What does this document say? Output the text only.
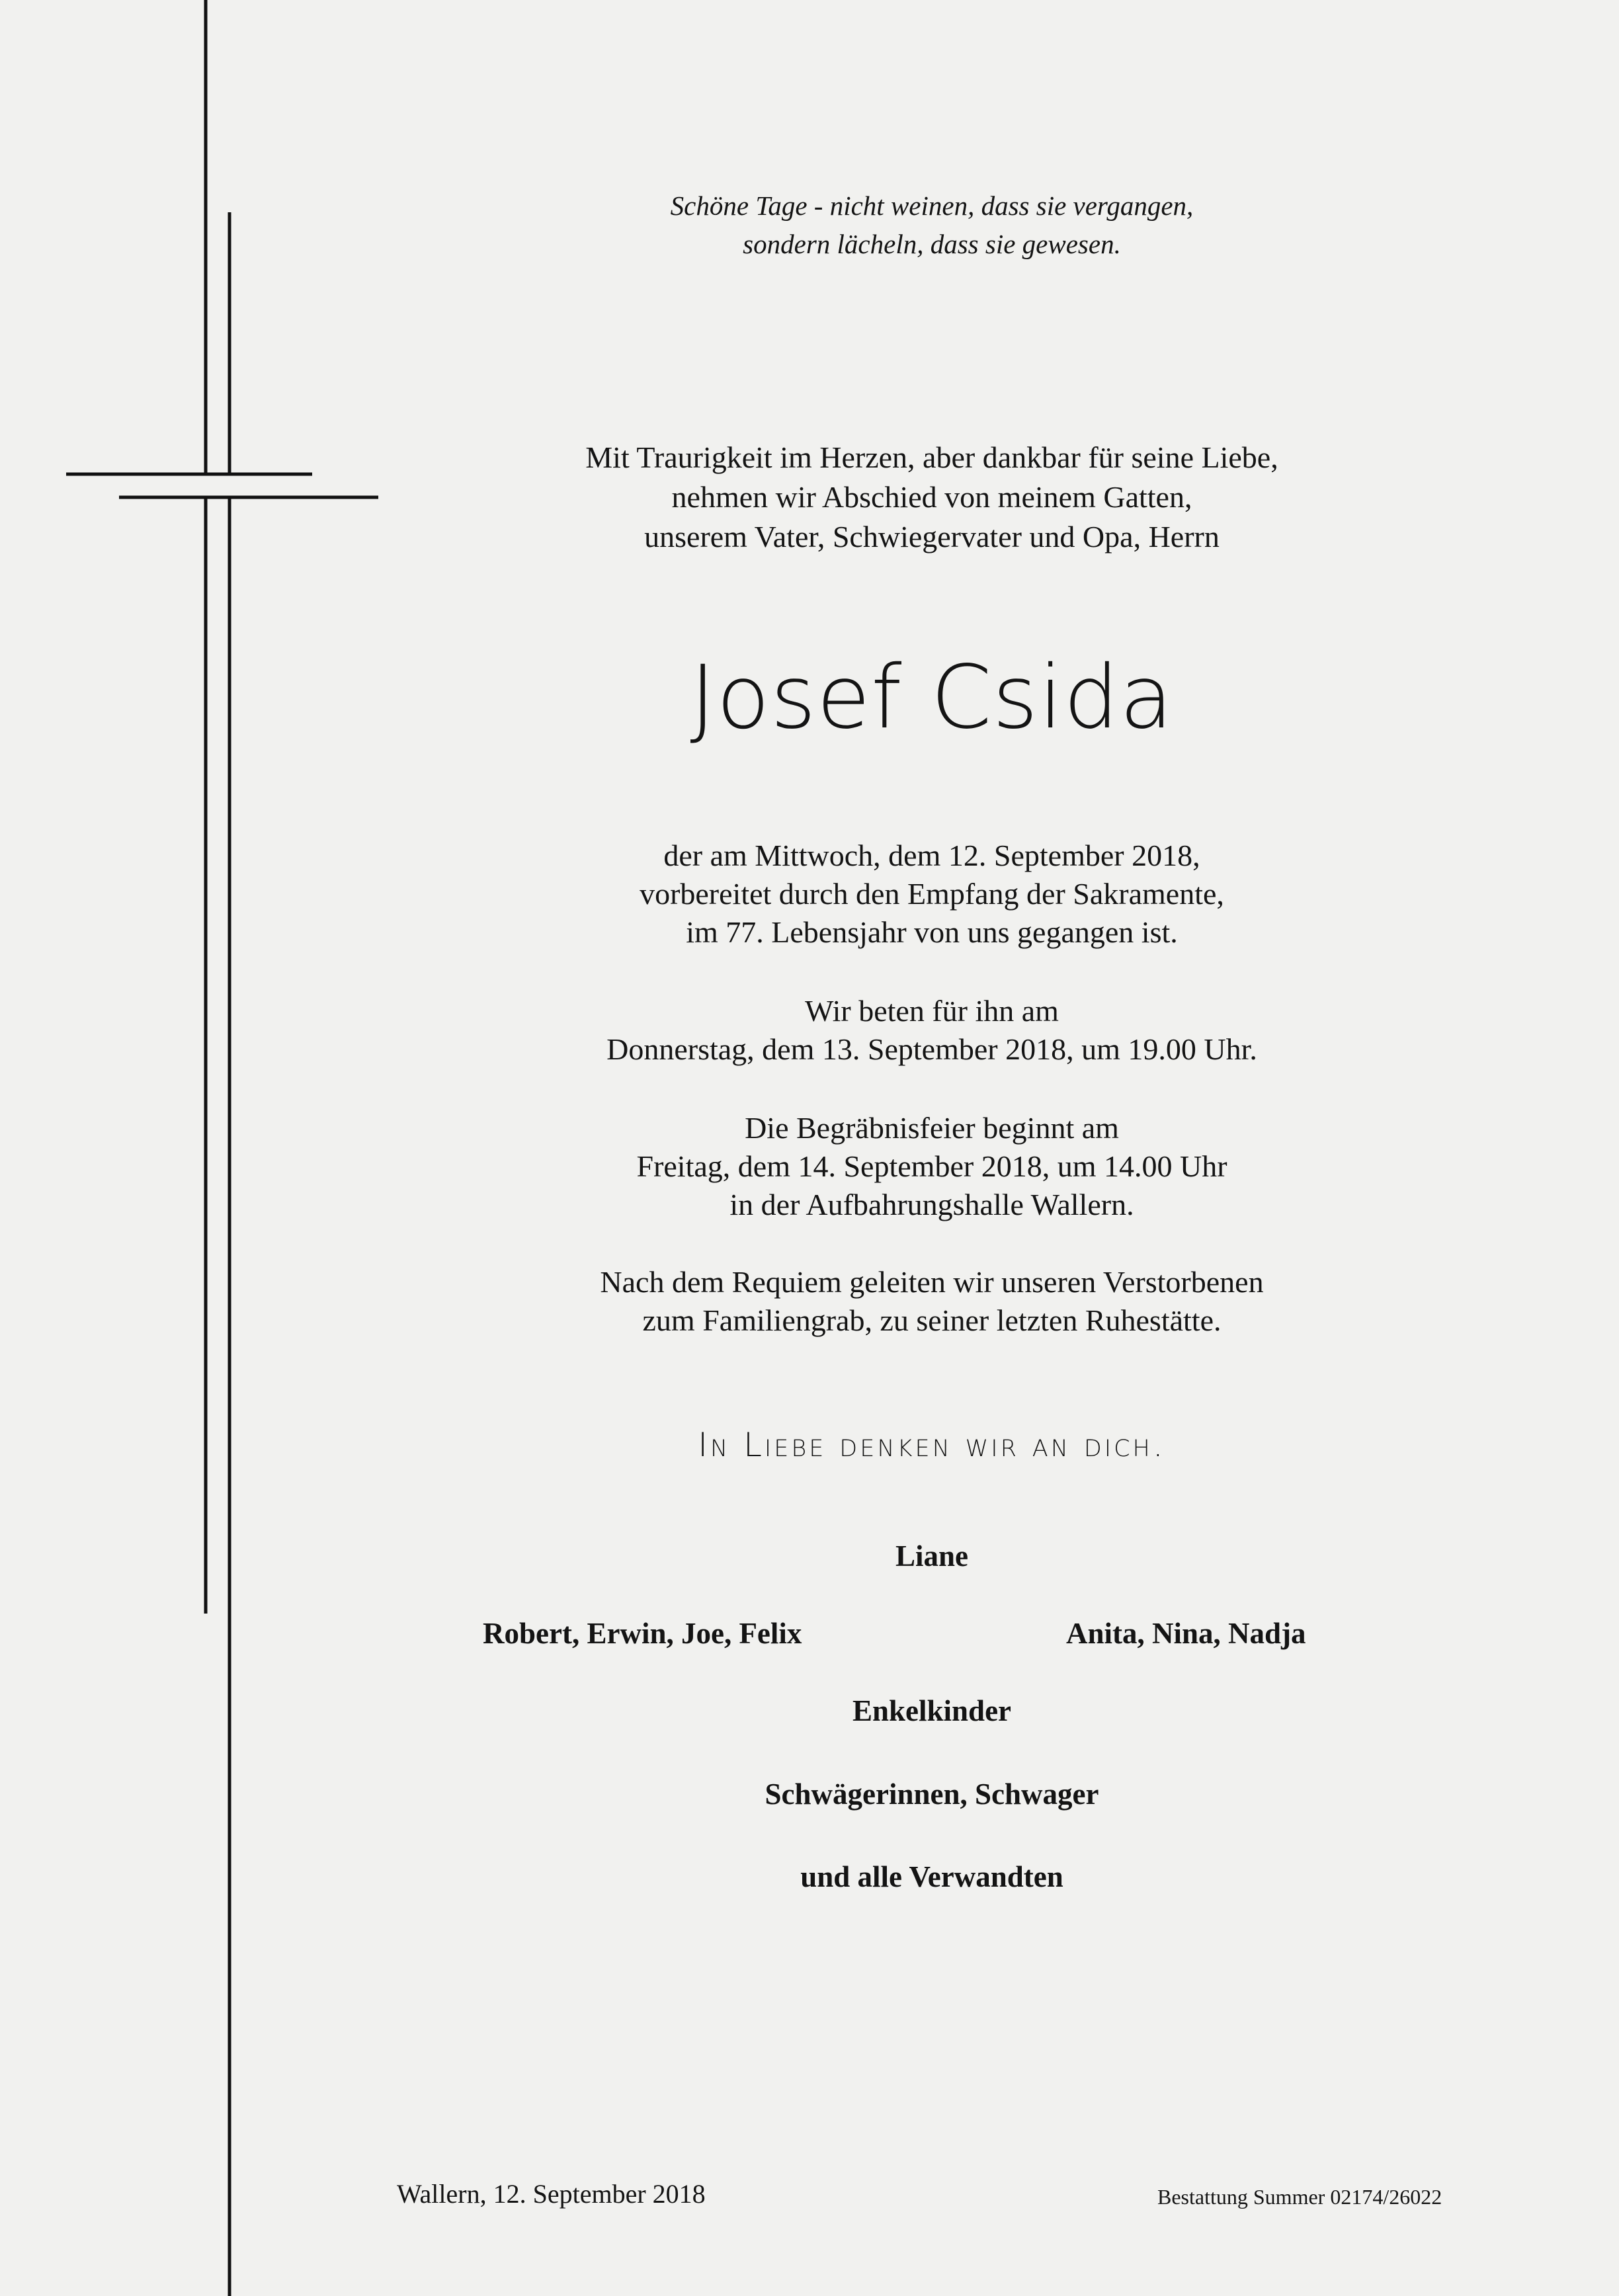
Schöne Tage - nicht weinen, dass sie vergangen,
sondern lächeln, dass sie gewesen.
Mit Traurigkeit im Herzen, aber dankbar für seine Liebe,
nehmen wir Abschied von meinem Gatten,
unserem Vater, Schwiegervater und Opa, Herrn
Josef Csida
der am Mittwoch, dem 12. September 2018,
vorbereitet durch den Empfang der Sakramente,
im 77. Lebensjahr von uns gegangen ist.
Wir beten für ihn am
Donnerstag, dem 13. September 2018, um 19.00 Uhr.
Die Begräbnisfeier beginnt am
Freitag, dem 14. September 2018, um 14.00 Uhr
in der Aufbahrungshalle Wallern.
Nach dem Requiem geleiten wir unseren Verstorbenen
zum Familiengrab, zu seiner letzten Ruhestätte.
In Liebe denken wir an dich.
Liane
Robert, Erwin, Joe, Felix	Anita, Nina, Nadja
Enkelkinder
Schwägerinnen, Schwager
und alle Verwandten
Wallern, 12. September 2018	Bestattung Summer 02174/26022
